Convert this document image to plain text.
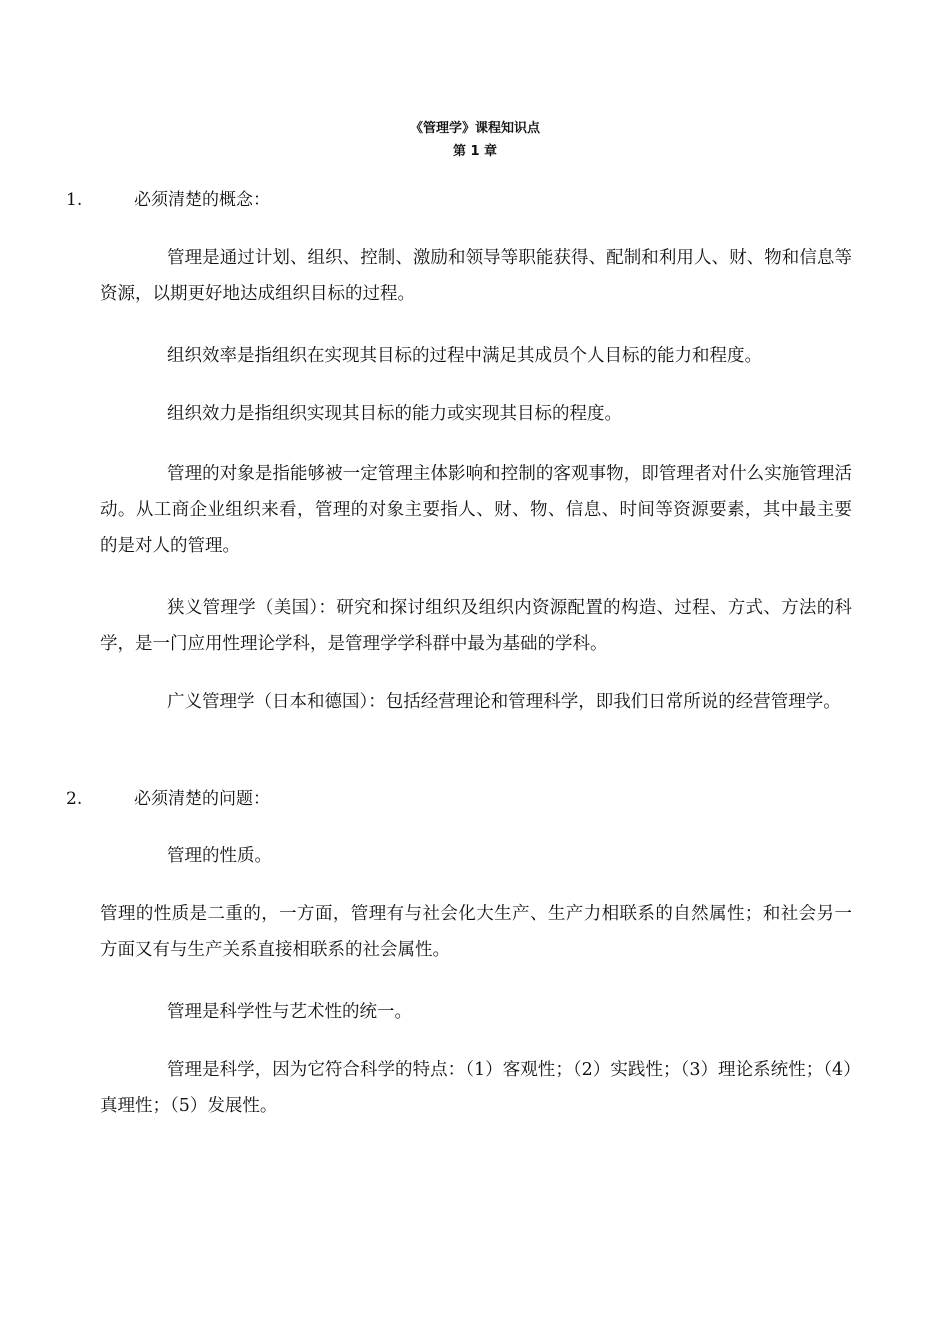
《管理学》课程知识点
第 1 章
1.	必须清楚的概念：

管理是通过计划、组织、控制、激励和领导等职能获得、配制和利用人、财、物和信息等资源，以期更好地达成组织目标的过程。

组织效率是指组织在实现其目标的过程中满足其成员个人目标的能力和程度。

组织效力是指组织实现其目标的能力或实现其目标的程度。

管理的对象是指能够被一定管理主体影响和控制的客观事物，即管理者对什么实施管理活动。从工商企业组织来看，管理的对象主要指人、财、物、信息、时间等资源要素，其中最主要的是对人的管理。

狭义管理学（美国）：研究和探讨组织及组织内资源配置的构造、过程、方式、方法的科学，是一门应用性理论学科，是管理学学科群中最为基础的学科。

广义管理学（日本和德国）：包括经营理论和管理科学，即我们日常所说的经营管理学。

2.	必须清楚的问题：

管理的性质。

管理的性质是二重的，一方面，管理有与社会化大生产、生产力相联系的自然属性；和社会另一方面又有与生产关系直接相联系的社会属性。

管理是科学性与艺术性的统一。

管理是科学，因为它符合科学的特点：（1）客观性；（2）实践性；（3）理论系统性；（4）真理性；（5）发展性。
